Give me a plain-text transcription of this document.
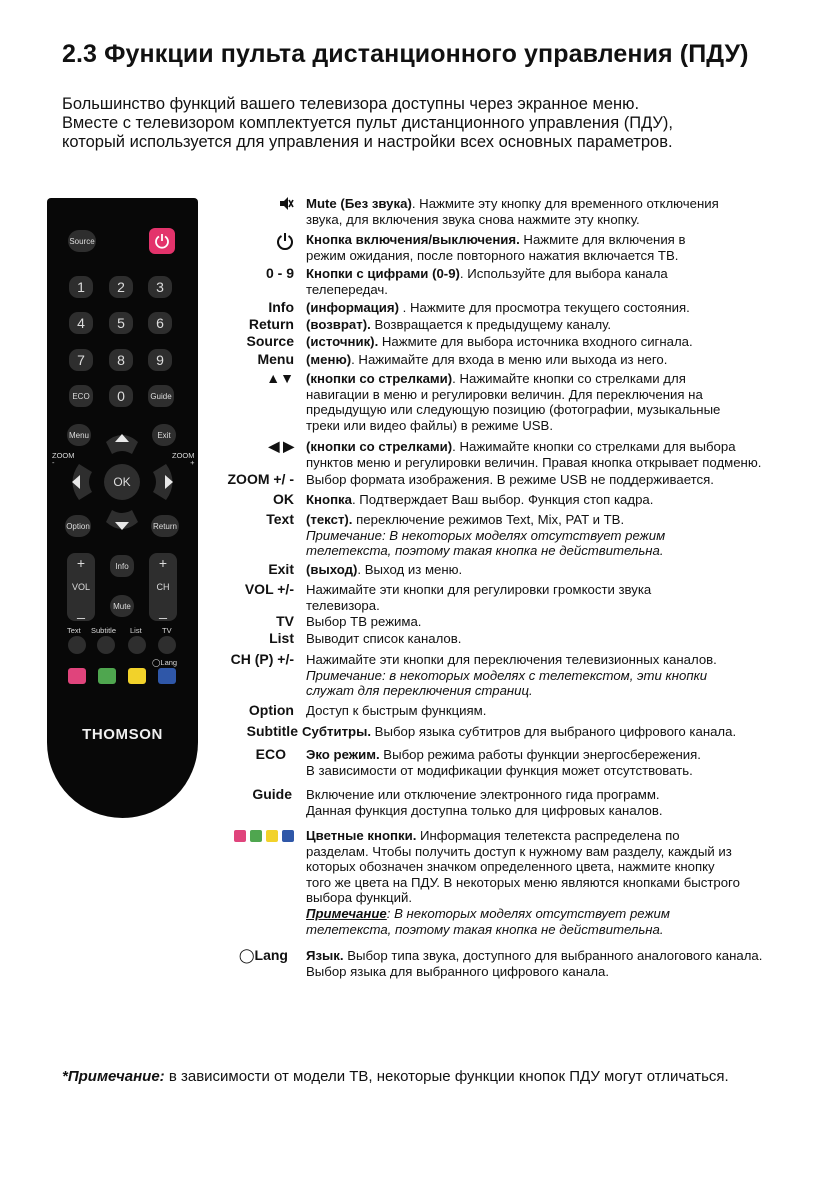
2.3 Функции пульта дистанционного управления (ПДУ)
Большинство функций вашего телевизора доступны через экранное меню.
Вместе с телевизором комплектуется пульт дистанционного управления (ПДУ),
который используется для управления и настройки всех основных параметров.
Source
1	2	3
4	5	6
7	8	9
ECO	0	Guide
Menu	Exit
ZOOM
-
ZOOM
+
OK
Option	Return
+
VOL
_
Info
Mute
+
CH
_
Text Subtitle List	TV
◯Lang
THOMSON
Mute (Без звука). Нажмите эту кнопку для временного отключения
звука, для включения звука снова нажмите эту кнопку.
Кнопка включения/выключения. Нажмите для включения в
режим ожидания, после повторного нажатия включается ТВ.
0 - 9 Кнопки с цифрами (0-9). Используйте для выбора канала
телепередач.
Info (информация) . Нажмите для просмотра текущего состояния.
Return (возврат). Возвращается к предыдущему каналу.
Source (источник). Нажмите для выбора источника входного сигнала.
Menu (меню). Нажимайте для входа в меню или выхода из него.
▲▼ (кнопки со стрелками). Нажимайте кнопки со стрелками для
навигации в меню и регулировки величин. Для переключения на
предыдущую или следующую позицию (фотографии, музыкальные
треки или видео файлы) в режиме USB.
◀ ▶ (кнопки со стрелками). Нажимайте кнопки со стрелками для выбора
пунктов меню и регулировки величин. Правая кнопка открывает подменю.
ZOOM +/ - Выбор формата изображения. В режиме USB не поддерживается.
OK Кнопка. Подтверждает Ваш выбор. Функция стоп кадра.
Text (текст). переключение режимов Text, Mix, PAT и TB.
Примечание: В некоторых моделях отсутствует режим
телетекста, поэтому такая кнопка не действительна.
Exit (выход). Выход из меню.
VOL +/- Нажимайте эти кнопки для регулировки громкости звука
телевизора.
TV Выбор ТВ режима.
List Выводит список каналов.
CH (P) +/- Нажимайте эти кнопки для переключения телевизионных каналов.
Примечание: в некоторых моделях с телетекстом, эти кнопки
служат для переключения страниц.
Option Доступ к быстрым функциям.
Subtitle Субтитры. Выбор языка субтитров для выбраного цифрового канала.
ECO Эко режим. Выбор режима работы функции энергосбережения.
В зависимости от модификации функция может отсутствовать.
Guide Включение или отключение электронного гида программ.
Данная функция доступна только для цифровых каналов.
Цветные кнопки. Информация телетекста распределена по
разделам. Чтобы получить доступ к нужному вам разделу, каждый из
которых обозначен значком определенного цвета, нажмите кнопку
того же цвета на ПДУ. В некоторых меню являются кнопками быстрого
выбора функций.
Примечание: В некоторых моделях отсутствует режим
телетекста, поэтому такая кнопка не действительна.
◯Lang Язык. Выбор типа звука, доступного для выбранного аналогового канала.
Выбор языка для выбранного цифрового канала.
*Примечание: в зависимости от модели ТВ, некоторые функции кнопок ПДУ могут отличаться.
